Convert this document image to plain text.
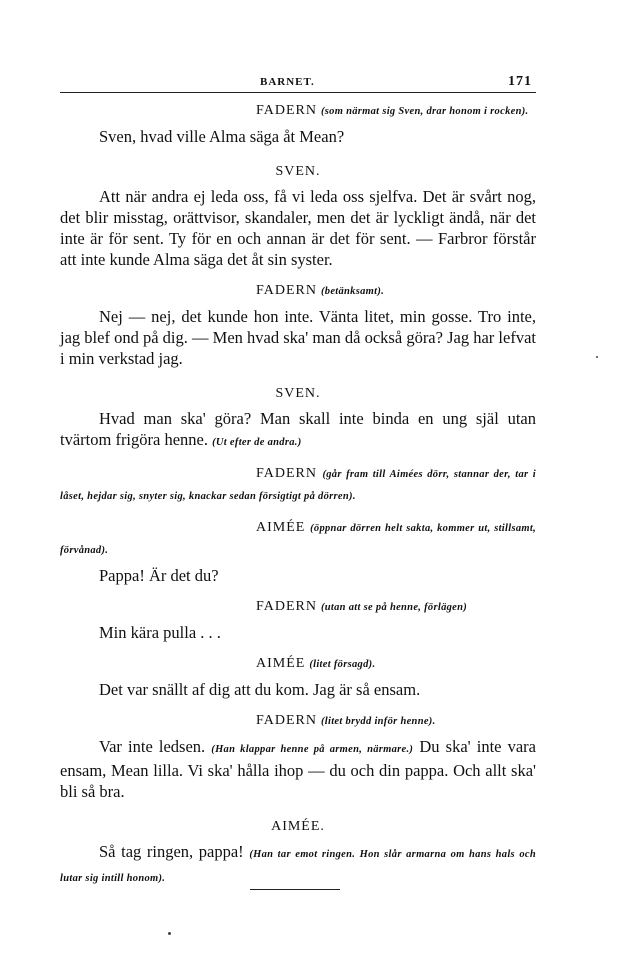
BARNET.	171
FADERN (som närmat sig Sven, drar honom i rocken).

Sven, hvad ville Alma säga åt Mean?

SVEN.

Att när andra ej leda oss, få vi leda oss sjelfva. Det är svårt nog, det blir misstag, orättvisor, skandaler, men det är lyckligt ändå, när det inte är för sent. Ty för en och annan är det för sent. — Farbror förstår att inte kunde Alma säga det åt sin syster.

FADERN (betänksamt).

Nej — nej, det kunde hon inte. Vänta litet, min gosse. Tro inte, jag blef ond på dig. — Men hvad ska' man då också göra? Jag har lefvat i min verkstad jag.

SVEN.

Hvad man ska' göra? Man skall inte binda en ung själ utan tvärtom frigöra henne. (Ut efter de andra.)

FADERN (går fram till Aimées dörr, stannar der, tar i låset, hejdar sig, snyter sig, knackar sedan försigtigt på dörren).
AIMÉE (öppnar dörren helt sakta, kommer ut, stillsamt, förvånad).

Pappa! Är det du?

FADERN (utan att se på henne, förlägen)

Min kära pulla . . .

AIMÉE (litet försagd).

Det var snällt af dig att du kom. Jag är så ensam.

FADERN (litet brydd inför henne).

Var inte ledsen. (Han klappar henne på armen, närmare.) Du ska' inte vara ensam, Mean lilla. Vi ska' hålla ihop — du och din pappa. Och allt ska' bli så bra.

AIMÉE.

Så tag ringen, pappa! (Han tar emot ringen. Hon slår armarna om hans hals och lutar sig intill honom).
